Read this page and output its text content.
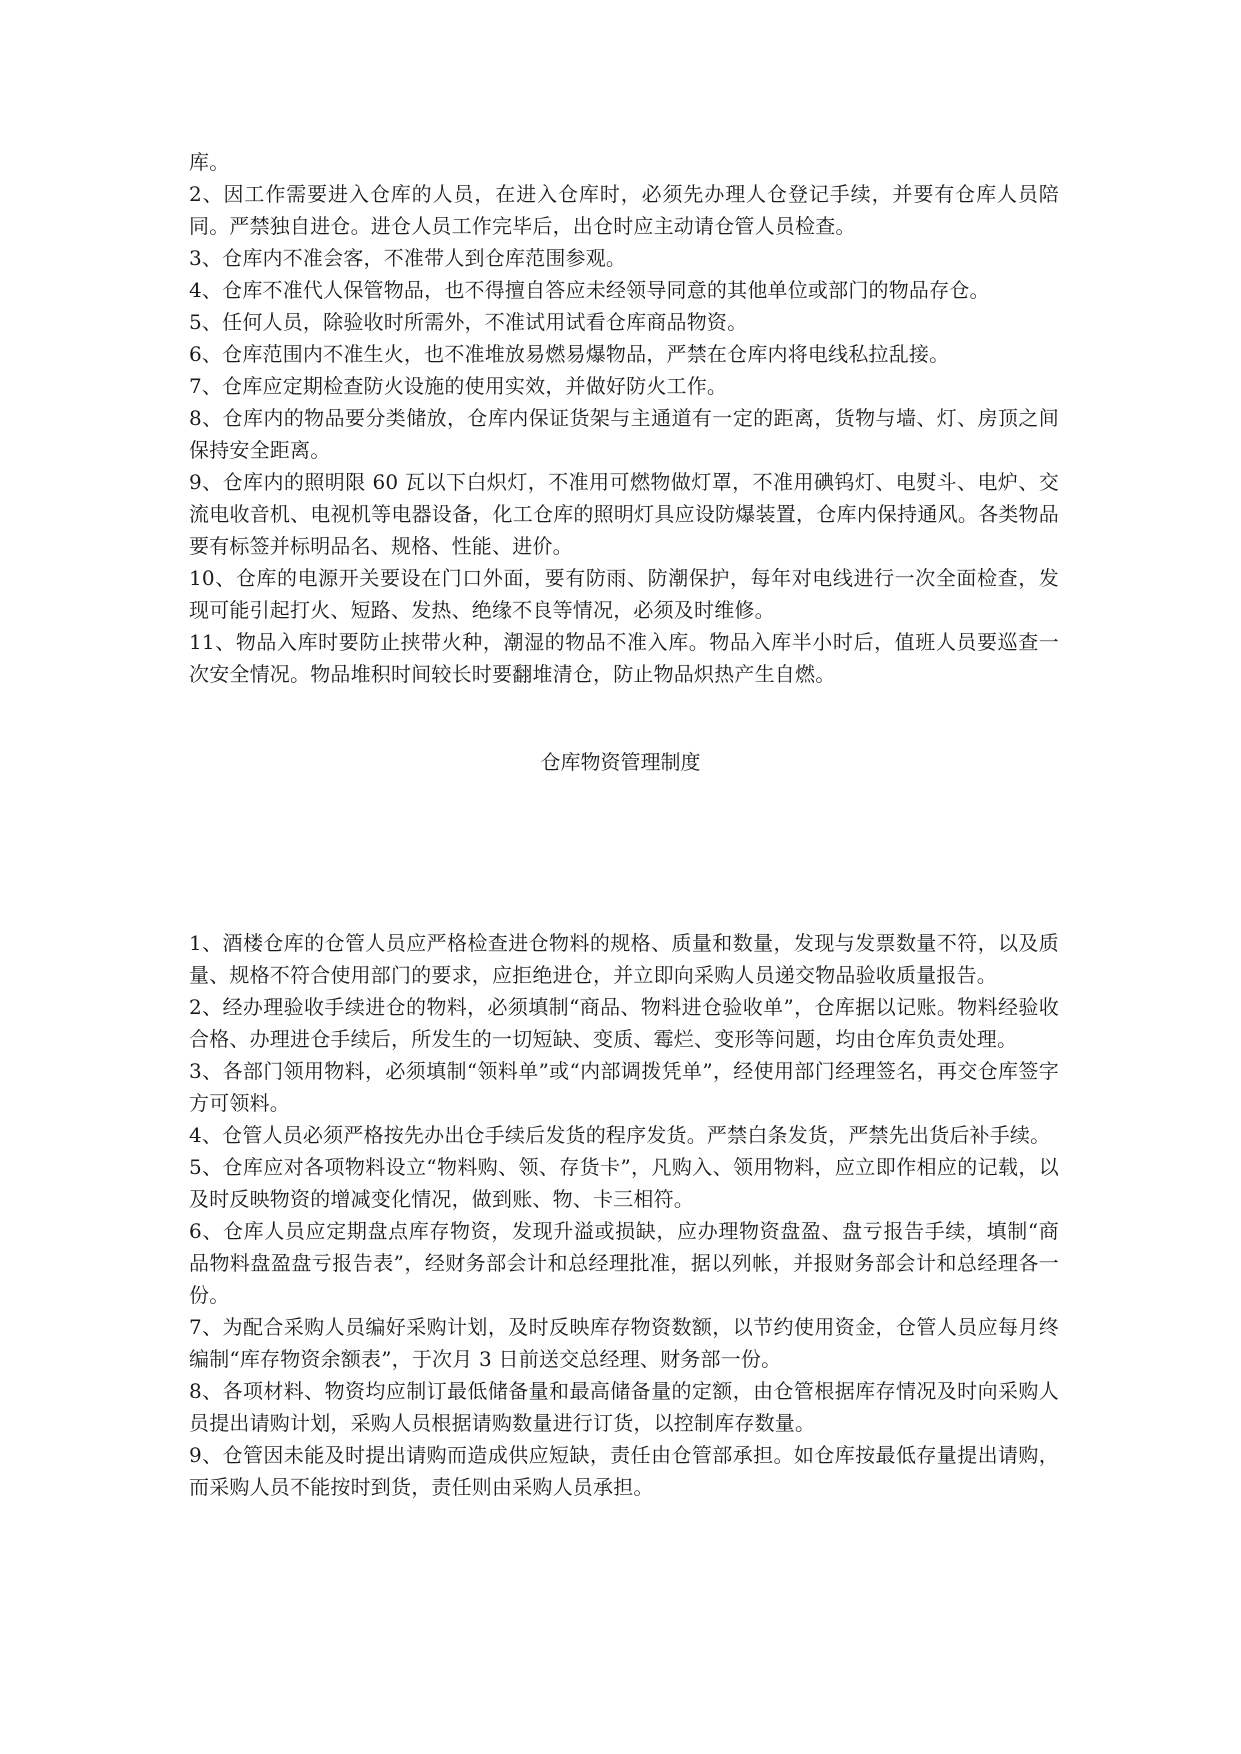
库。

2、因工作需要进入仓库的人员，在进入仓库时，必须先办理人仓登记手续，并要有仓库人员陪同。严禁独自进仓。进仓人员工作完毕后，出仓时应主动请仓管人员检查。

3、仓库内不准会客，不准带人到仓库范围参观。

4、仓库不准代人保管物品，也不得擅自答应未经领导同意的其他单位或部门的物品存仓。

5、任何人员，除验收时所需外，不准试用试看仓库商品物资。

6、仓库范围内不准生火，也不准堆放易燃易爆物品，严禁在仓库内将电线私拉乱接。

7、仓库应定期检查防火设施的使用实效，并做好防火工作。

8、仓库内的物品要分类储放，仓库内保证货架与主通道有一定的距离，货物与墙、灯、房顶之间保持安全距离。

9、仓库内的照明限 60 瓦以下白炽灯，不准用可燃物做灯罩，不准用碘钨灯、电熨斗、电炉、交流电收音机、电视机等电器设备，化工仓库的照明灯具应设防爆装置，仓库内保持通风。各类物品要有标签并标明品名、规格、性能、进价。

10、仓库的电源开关要设在门口外面，要有防雨、防潮保护，每年对电线进行一次全面检查，发现可能引起打火、短路、发热、绝缘不良等情况，必须及时维修。

11、物品入库时要防止挟带火种，潮湿的物品不准入库。物品入库半小时后，值班人员要巡查一次安全情况。物品堆积时间较长时要翻堆清仓，防止物品炽热产生自燃。

仓库物资管理制度

1、酒楼仓库的仓管人员应严格检查进仓物料的规格、质量和数量，发现与发票数量不符，以及质量、规格不符合使用部门的要求，应拒绝进仓，并立即向采购人员递交物品验收质量报告。

2、经办理验收手续进仓的物料，必须填制“商品、物料进仓验收单”，仓库据以记账。物料经验收合格、办理进仓手续后，所发生的一切短缺、变质、霉烂、变形等问题，均由仓库负责处理。

3、各部门领用物料，必须填制“领料单”或“内部调拨凭单”，经使用部门经理签名，再交仓库签字方可领料。

4、仓管人员必须严格按先办出仓手续后发货的程序发货。严禁白条发货，严禁先出货后补手续。

5、仓库应对各项物料设立“物料购、领、存货卡”，凡购入、领用物料，应立即作相应的记载，以及时反映物资的增减变化情况，做到账、物、卡三相符。

6、仓库人员应定期盘点库存物资，发现升溢或损缺，应办理物资盘盈、盘亏报告手续，填制“商品物料盘盈盘亏报告表”，经财务部会计和总经理批准，据以列帐，并报财务部会计和总经理各一份。

7、为配合采购人员编好采购计划，及时反映库存物资数额，以节约使用资金，仓管人员应每月终编制“库存物资余额表”，于次月 3 日前送交总经理、财务部一份。

8、各项材料、物资均应制订最低储备量和最高储备量的定额，由仓管根据库存情况及时向采购人员提出请购计划，采购人员根据请购数量进行订货，以控制库存数量。

9、仓管因未能及时提出请购而造成供应短缺，责任由仓管部承担。如仓库按最低存量提出请购，而采购人员不能按时到货，责任则由采购人员承担。
